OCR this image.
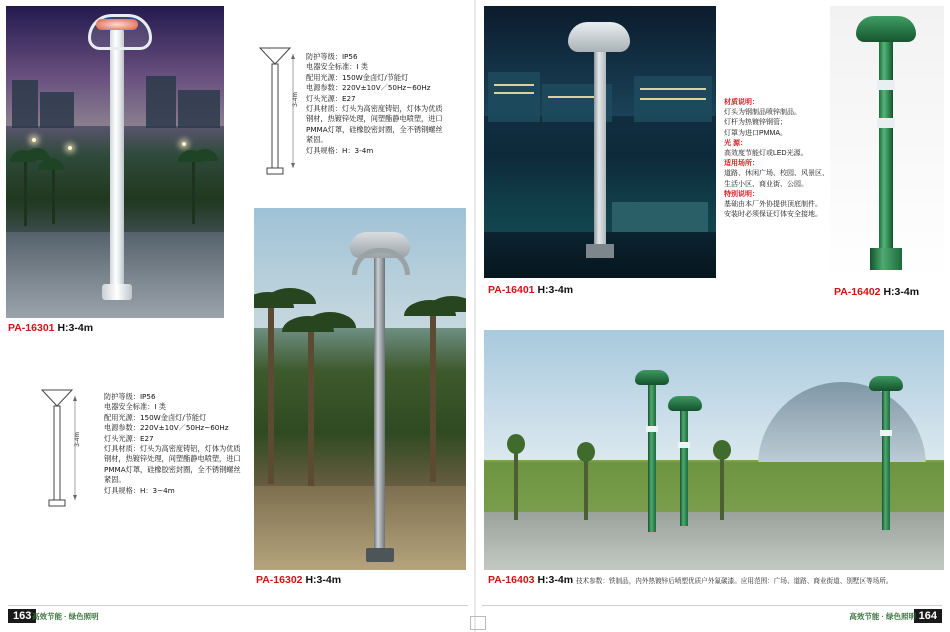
PA-16301 H:3-4m
3-4m
防护等级：IP56
电器安全标准：I 类
配用光源：150W金卤灯/节能灯
电源参数：220V±10V／50Hz~60Hz
灯头光源：E27
灯具材质：灯头为高密度铸铝，灯体为优质
钢材，热镀锌处理，间塑酯静电喷塑，进口
PMMA灯罩，硅橡胶密封圈，全不锈钢螺丝
紧固。
灯具规格：H：3-4m
3-4m
防护等级：IP56
电器安全标准：I 类
配用光源：150W金卤灯/节能灯
电源参数：220V±10V／50Hz~60Hz
灯头光源：E27
灯具材质：灯头为高密度铸铝，灯体为优质
钢材，热镀锌处理，间塑酯静电喷塑，进口
PMMA灯罩，硅橡胶密封圈，全不锈钢螺丝
紧固。
灯具规格：H：3~4m
PA-16302 H:3-4m
PA-16401 H:3-4m
材质说明：
灯头为钢制品喷锌制品。
灯杆为热镀锌钢管；
灯罩为进口PMMA。
光 源：
高效度节能灯或LED光源。
适用场所：
道路、休闲广场、校园、风景区、
生活小区、商业街、公园。
特别说明：
基础由本厂外协提供顶底制件。
安装时必须保证灯体安全接地。
PA-16402 H:3-4m
PA-16403 H:3-4m 技术参数：铁制品，内外热镀锌后喷塑优质户外氟碳漆。应用范围：广场、道路、商业街道、别墅区等场所。
163 高效节能 · 绿色照明	164
高效节能 · 绿色照明
